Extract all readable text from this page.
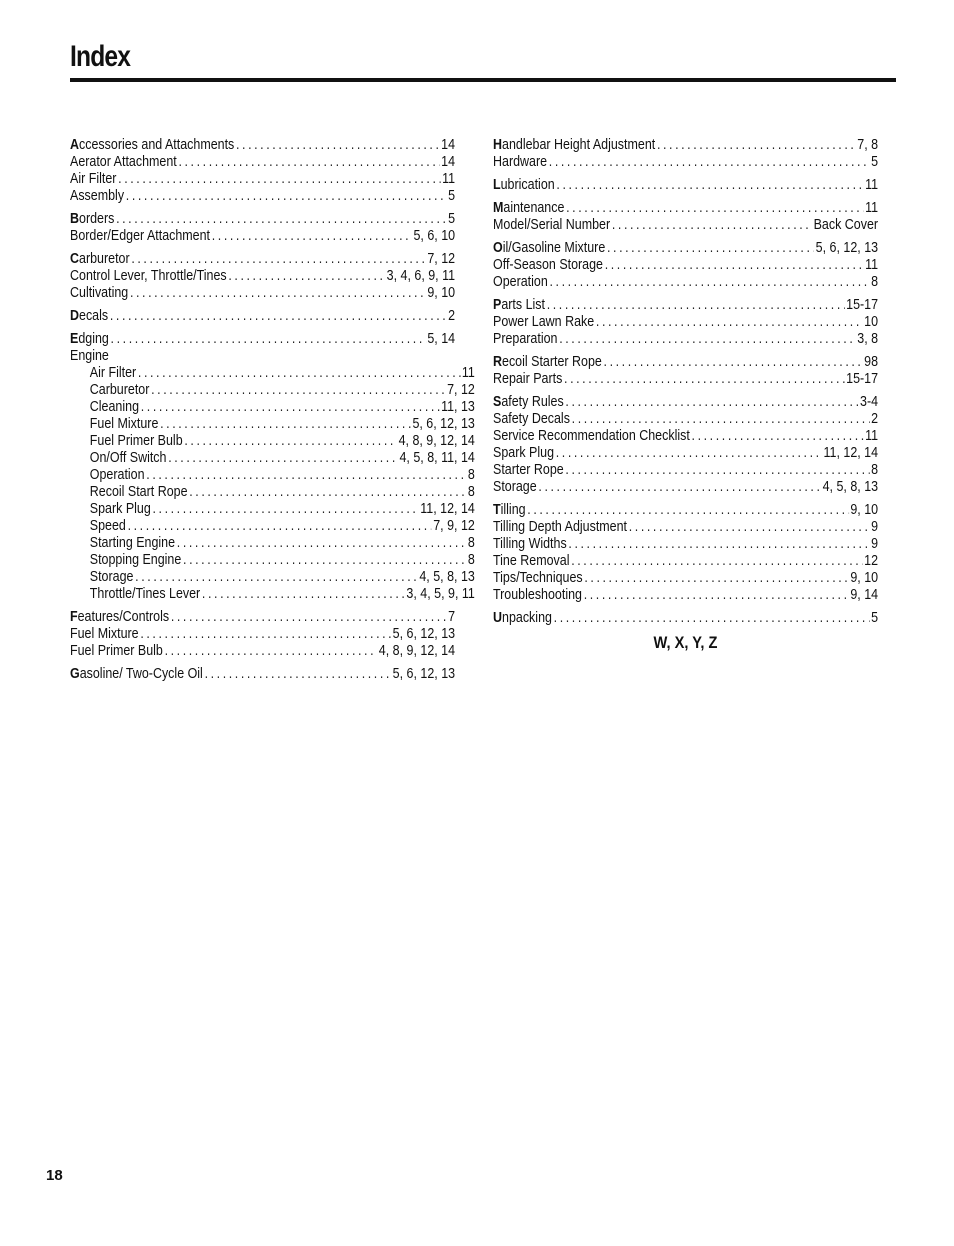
Index
Accessories and Attachments .....	14
Aerator Attachment .....	14
Air Filter .....	11
Assembly .....	5
Borders .....	5
Border/Edger Attachment .....	5, 6, 10
Carburetor .....	7, 12
Control Lever, Throttle/Tines .....	3, 4, 6, 9, 11
Cultivating .....	9, 10
Decals .....	2
Edging .....	5, 14
Engine
Air Filter .....	11
Carburetor .....	7, 12
Cleaning .....	11, 13
Fuel Mixture .....	5, 6, 12, 13
Fuel Primer Bulb .....	4, 8, 9, 12, 14
On/Off Switch .....	4, 5, 8, 11, 14
Operation .....	8
Recoil Start Rope .....	8
Spark Plug .....	11, 12, 14
Speed .....	7, 9, 12
Starting Engine .....	8
Stopping Engine .....	8
Storage .....	4, 5, 8, 13
Throttle/Tines Lever .....	3, 4, 5, 9, 11
Features/Controls .....	7
Fuel Mixture .....	5, 6, 12, 13
Fuel Primer Bulb .....	4, 8, 9, 12, 14
Gasoline/ Two-Cycle Oil .....	5, 6, 12, 13
Handlebar Height Adjustment .....	7, 8
Hardware .....	5
Lubrication .....	11
Maintenance .....	11
Model/Serial Number .....	Back Cover
Oil/Gasoline Mixture .....	5, 6, 12, 13
Off-Season Storage .....	11
Operation .....	8
Parts List .....	15-17
Power Lawn Rake .....	10
Preparation .....	3, 8
Recoil Starter Rope .....	98
Repair Parts .....	15-17
Safety Rules .....	3-4
Safety Decals .....	2
Service Recommendation Checklist .....	11
Spark Plug .....	11, 12, 14
Starter Rope .....	8
Storage .....	4, 5, 8, 13
Tilling .....	9, 10
Tilling Depth Adjustment .....	9
Tilling Widths .....	9
Tine Removal .....	12
Tips/Techniques .....	9, 10
Troubleshooting .....	9, 14
Unpacking .....	5
W, X, Y, Z
18
